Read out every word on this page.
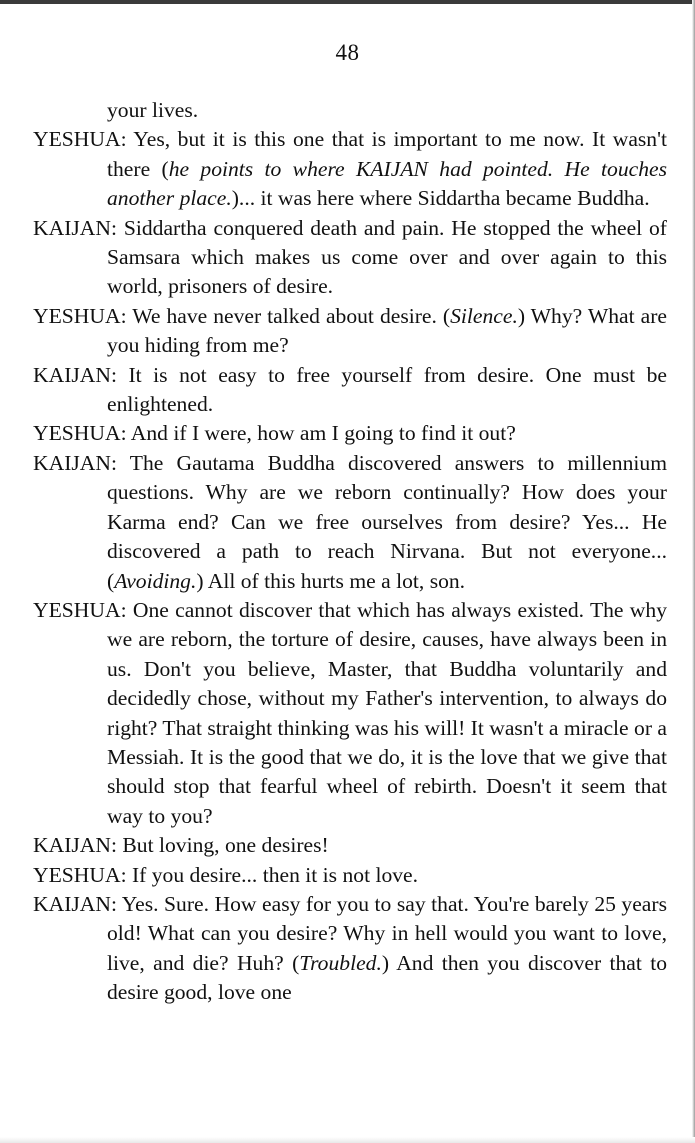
48

your lives.

YESHUA: Yes, but it is this one that is important to me now. It wasn't there (he points to where KAIJAN had pointed. He touches another place.)... it was here where Siddartha became Buddha.

KAIJAN: Siddartha conquered death and pain. He stopped the wheel of Samsara which makes us come over and over again to this world, prisoners of desire.

YESHUA: We have never talked about desire. (Silence.) Why? What are you hiding from me?

KAIJAN: It is not easy to free yourself from desire. One must be enlightened.

YESHUA: And if I were, how am I going to find it out?

KAIJAN: The Gautama Buddha discovered answers to millennium questions. Why are we reborn continually? How does your Karma end? Can we free ourselves from desire? Yes... He discovered a path to reach Nirvana. But not everyone... (Avoiding.) All of this hurts me a lot, son.

YESHUA: One cannot discover that which has always existed. The why we are reborn, the torture of desire, causes, have always been in us. Don't you believe, Master, that Buddha voluntarily and decidedly chose, without my Father's intervention, to always do right? That straight thinking was his will! It wasn't a miracle or a Messiah. It is the good that we do, it is the love that we give that should stop that fearful wheel of rebirth. Doesn't it seem that way to you?

KAIJAN: But loving, one desires!

YESHUA: If you desire... then it is not love.

KAIJAN: Yes. Sure. How easy for you to say that. You're barely 25 years old! What can you desire? Why in hell would you want to love, live, and die? Huh? (Troubled.) And then you discover that to desire good, love one
